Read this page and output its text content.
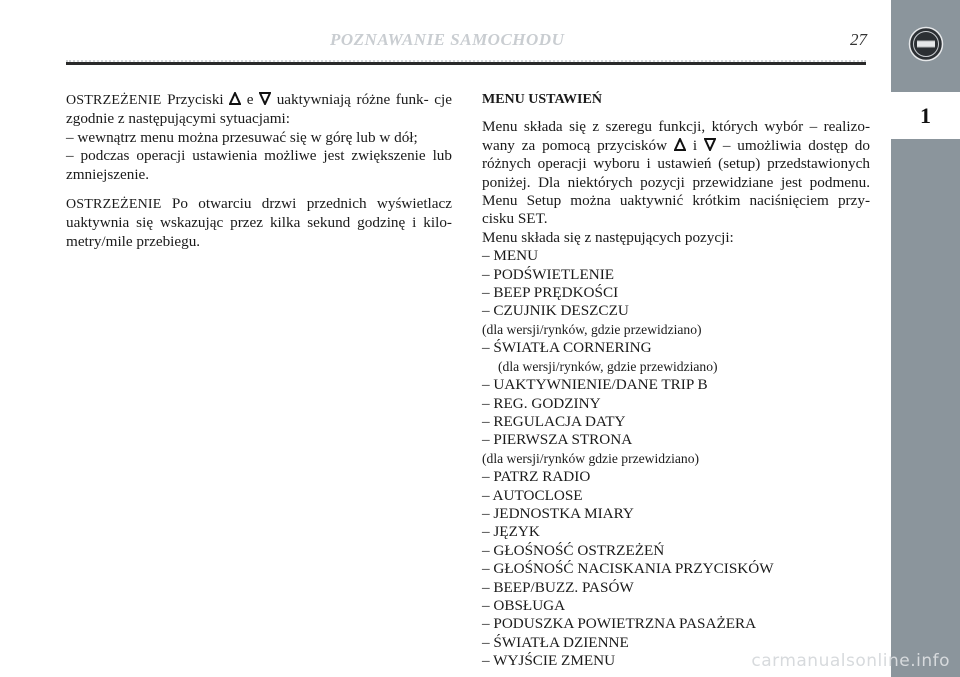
POZNAWANIE SAMOCHODU	27
1

OSTRZEŻENIE Przyciski  e  uaktywniają różne funk- cje zgodnie z następującymi sytuacjami:

– wewnątrz menu można przesuwać się w górę lub w dół;

– podczas operacji ustawienia możliwe jest zwiększenie lub zmniejszenie.

OSTRZEŻENIE Po otwarciu drzwi przednich wyświetlacz uaktywnia się wskazując przez kilka sekund godzinę i kilo- metry/mile przebiegu.

MENU USTAWIEŃ

Menu składa się z szeregu funkcji, których wybór – realizo- wany za pomocą przycisków  i  – umożliwia dostęp do różnych operacji wyboru i ustawień (setup) przedstawionych poniżej. Dla niektórych pozycji przewidziane jest podmenu. Menu Setup można uaktywnić krótkim naciśnięciem przy- cisku SET.

Menu składa się z następujących pozycji:

– MENU
– PODŚWIETLENIE
– BEEP PRĘDKOŚCI
– CZUJNIK DESZCZU
(dla wersji/rynków, gdzie przewidziano)
– ŚWIATŁA CORNERING
(dla wersji/rynków, gdzie przewidziano)
– UAKTYWNIENIE/DANE TRIP B
– REG. GODZINY
– REGULACJA DATY
– PIERWSZA STRONA
(dla wersji/rynków gdzie przewidziano)
– PATRZ RADIO
– AUTOCLOSE
– JEDNOSTKA MIARY
– JĘZYK
– GŁOŚNOŚĆ OSTRZEŻEŃ
– GŁOŚNOŚĆ NACISKANIA PRZYCISKÓW
– BEEP/BUZZ. PASÓW
– OBSŁUGA
– PODUSZKA POWIETRZNA PASAŻERA
– ŚWIATŁA DZIENNE
– WYJŚCIE ZMENU	carmanualsonline.info
